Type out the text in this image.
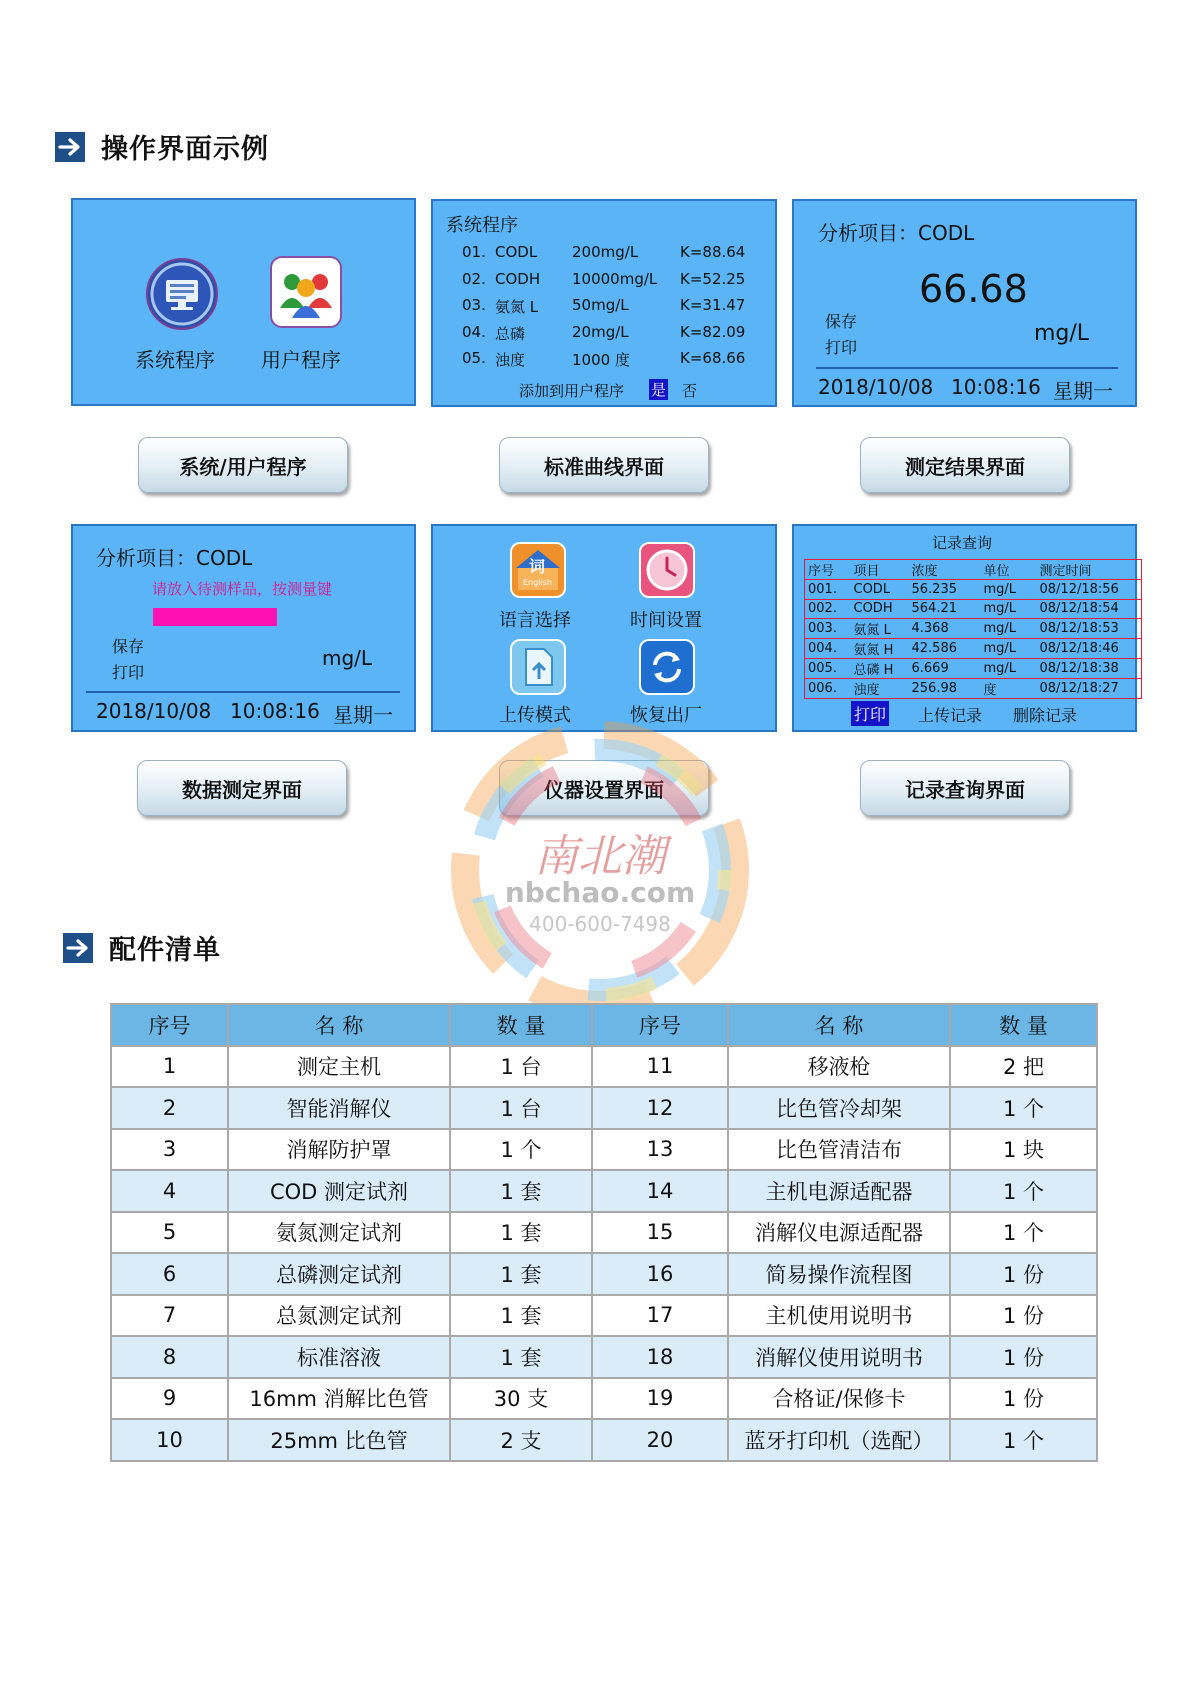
操作界面示例
系统程序 用户程序
系统程序
01. CODL 200mg/L	K=88.64
02. CODH 10000mg/L K=52.25
03. 氨氮 L 50mg/L	K=31.47
04. 总磷	20mg/L	K=82.09
05. 浊度	1000 度	K=68.66
添加到用户程序 是 否
分析项目：CODL
66.68
保存
打印
mg/L
2018/10/08 10:08:16 星期一
系统/用户程序	标准曲线界面	测定结果界面
分析项目：CODL
请放入待测样品，按测量键
保存
打印
mg/L
2018/10/08 10:08:16 星期一
词
English
语言选择	时间设置
上传模式	恢复出厂
记录查询
序号	项目	浓度	单位	测定时间
001.	CODL	56.235	mg/L	08/12/18:56
002.	CODH	564.21	mg/L	08/12/18:54
003.	氨氮 L	4.368	mg/L	08/12/18:53
004.	氨氮 H	42.586	mg/L	08/12/18:46
005.	总磷 H	6.669	mg/L	08/12/18:38
006.	浊度	256.98	度	08/12/18:27
打印 上传记录 删除记录
数据测定界面	仪器设置界面	记录查询界面
南北潮
nbchao.com
400-600-7498
配件清单
序号	名 称	数 量	序号	名 称	数 量
1	测定主机	1 台	11	移液枪	2 把
2	智能消解仪	1 台	12	比色管冷却架	1 个
3	消解防护罩	1 个	13	比色管清洁布	1 块
4	COD 测定试剂	1 套	14	主机电源适配器	1 个
5	氨氮测定试剂	1 套	15	消解仪电源适配器	1 个
6	总磷测定试剂	1 套	16	简易操作流程图	1 份
7	总氮测定试剂	1 套	17	主机使用说明书	1 份
8	标准溶液	1 套	18	消解仪使用说明书	1 份
9	16mm 消解比色管	30 支	19	合格证/保修卡	1 份
10	25mm 比色管	2 支	20	蓝牙打印机（选配）	1 个
